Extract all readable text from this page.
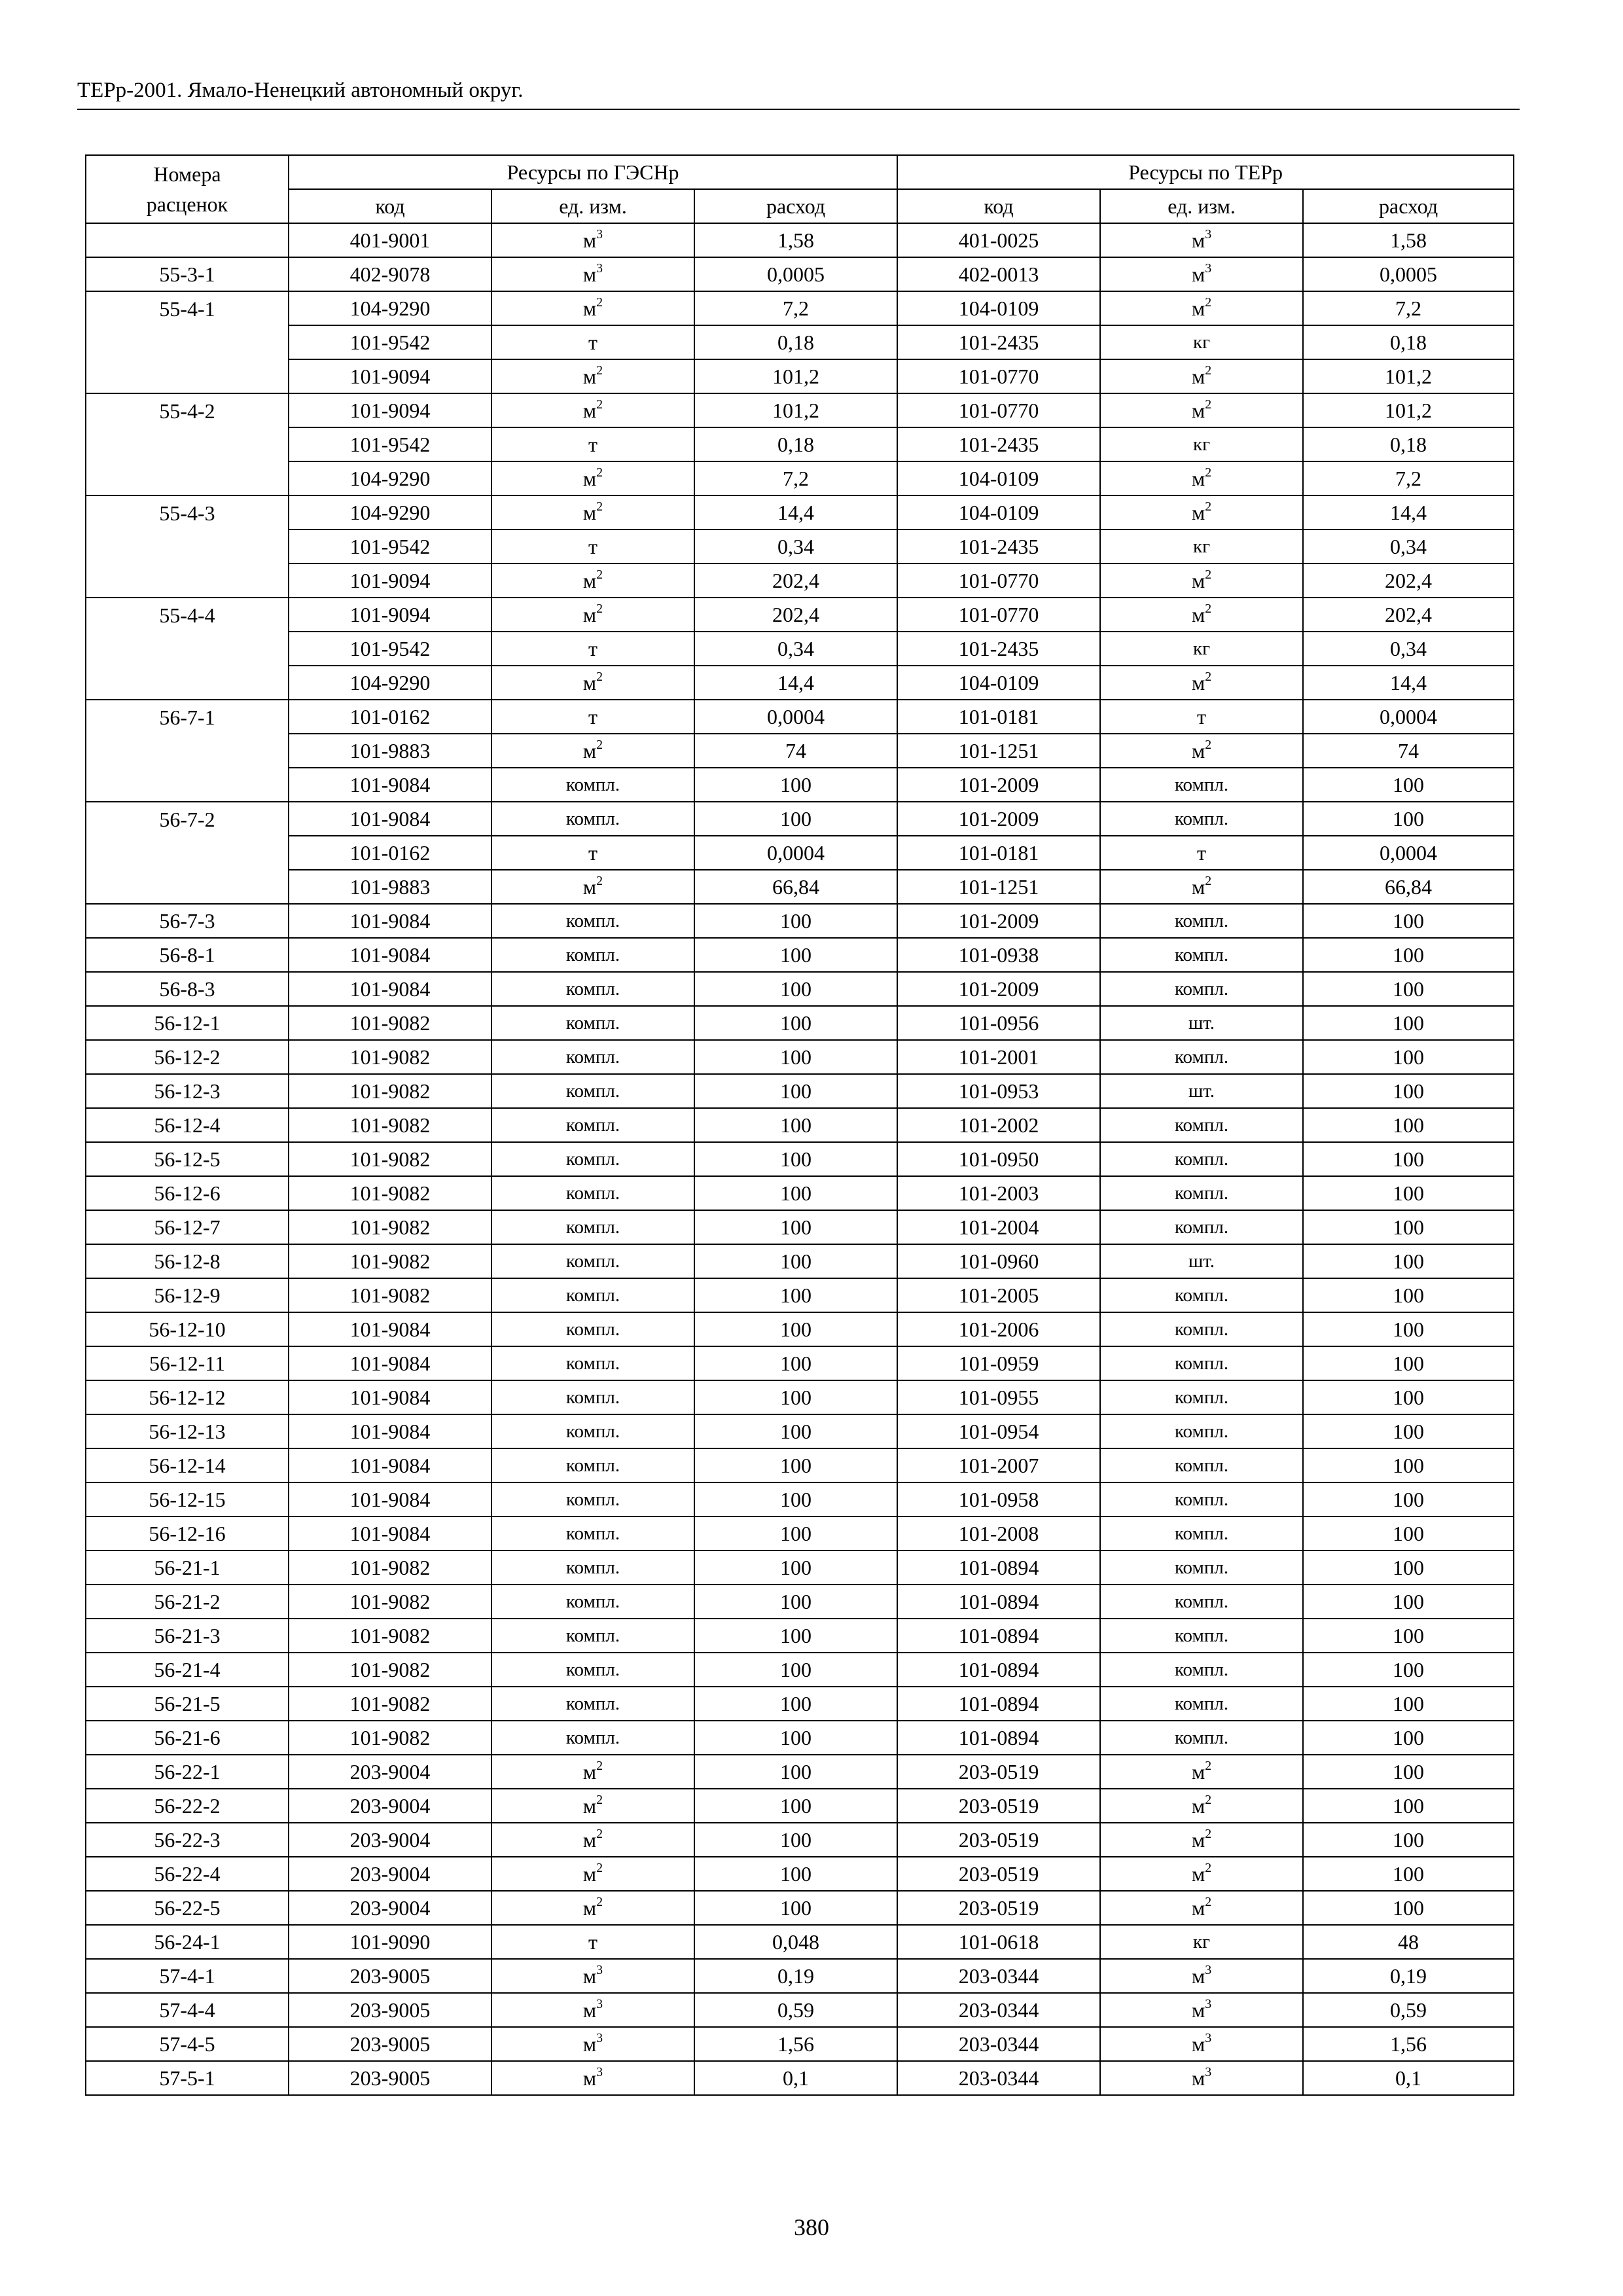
ТЕРр-2001. Ямало-Ненецкий автономный округ.
Номера
расценок	Ресурсы по ГЭСНр			Ресурсы по ТЕРр		
	код	ед. изм.	расход	код	ед. изм.	расход
	401-9001	$м^3$	1,58	401-0025	$м^3$	1,58
55-3-1	402-9078	$м^3$	0,0005	402-0013	$м^3$	0,0005
55-4-1	104-9290	$м^2$	7,2	104-0109	$м^2$	7,2
	101-9542	т	0,18	101-2435	кг	0,18
	101-9094	$м^2$	101,2	101-0770	$м^2$	101,2
55-4-2	101-9094	$м^2$	101,2	101-0770	$м^2$	101,2
	101-9542	т	0,18	101-2435	кг	0,18
	104-9290	$м^2$	7,2	104-0109	$м^2$	7,2
55-4-3	104-9290	$м^2$	14,4	104-0109	$м^2$	14,4
	101-9542	т	0,34	101-2435	кг	0,34
	101-9094	$м^2$	202,4	101-0770	$м^2$	202,4
55-4-4	101-9094	$м^2$	202,4	101-0770	$м^2$	202,4
	101-9542	т	0,34	101-2435	кг	0,34
	104-9290	$м^2$	14,4	104-0109	$м^2$	14,4
56-7-1	101-0162	т	0,0004	101-0181	т	0,0004
	101-9883	$м^2$	74	101-1251	$м^2$	74
	101-9084	компл.	100	101-2009	компл.	100
56-7-2	101-9084	компл.	100	101-2009	компл.	100
	101-0162	т	0,0004	101-0181	т	0,0004
	101-9883	$м^2$	66,84	101-1251	$м^2$	66,84
56-7-3	101-9084	компл.	100	101-2009	компл.	100
56-8-1	101-9084	компл.	100	101-0938	компл.	100
56-8-3	101-9084	компл.	100	101-2009	компл.	100
56-12-1	101-9082	компл.	100	101-0956	шт.	100
56-12-2	101-9082	компл.	100	101-2001	компл.	100
56-12-3	101-9082	компл.	100	101-0953	шт.	100
56-12-4	101-9082	компл.	100	101-2002	компл.	100
56-12-5	101-9082	компл.	100	101-0950	компл.	100
56-12-6	101-9082	компл.	100	101-2003	компл.	100
56-12-7	101-9082	компл.	100	101-2004	компл.	100
56-12-8	101-9082	компл.	100	101-0960	шт.	100
56-12-9	101-9082	компл.	100	101-2005	компл.	100
56-12-10	101-9084	компл.	100	101-2006	компл.	100
56-12-11	101-9084	компл.	100	101-0959	компл.	100
56-12-12	101-9084	компл.	100	101-0955	компл.	100
56-12-13	101-9084	компл.	100	101-0954	компл.	100
56-12-14	101-9084	компл.	100	101-2007	компл.	100
56-12-15	101-9084	компл.	100	101-0958	компл.	100
56-12-16	101-9084	компл.	100	101-2008	компл.	100
56-21-1	101-9082	компл.	100	101-0894	компл.	100
56-21-2	101-9082	компл.	100	101-0894	компл.	100
56-21-3	101-9082	компл.	100	101-0894	компл.	100
56-21-4	101-9082	компл.	100	101-0894	компл.	100
56-21-5	101-9082	компл.	100	101-0894	компл.	100
56-21-6	101-9082	компл.	100	101-0894	компл.	100
56-22-1	203-9004	$м^2$	100	203-0519	$м^2$	100
56-22-2	203-9004	$м^2$	100	203-0519	$м^2$	100
56-22-3	203-9004	$м^2$	100	203-0519	$м^2$	100
56-22-4	203-9004	$м^2$	100	203-0519	$м^2$	100
56-22-5	203-9004	$м^2$	100	203-0519	$м^2$	100
56-24-1	101-9090	т	0,048	101-0618	кг	48
57-4-1	203-9005	$м^3$	0,19	203-0344	$м^3$	0,19
57-4-4	203-9005	$м^3$	0,59	203-0344	$м^3$	0,59
57-4-5	203-9005	$м^3$	1,56	203-0344	$м^3$	1,56
57-5-1	203-9005	$м^3$	0,1	203-0344	$м^3$	0,1
380
